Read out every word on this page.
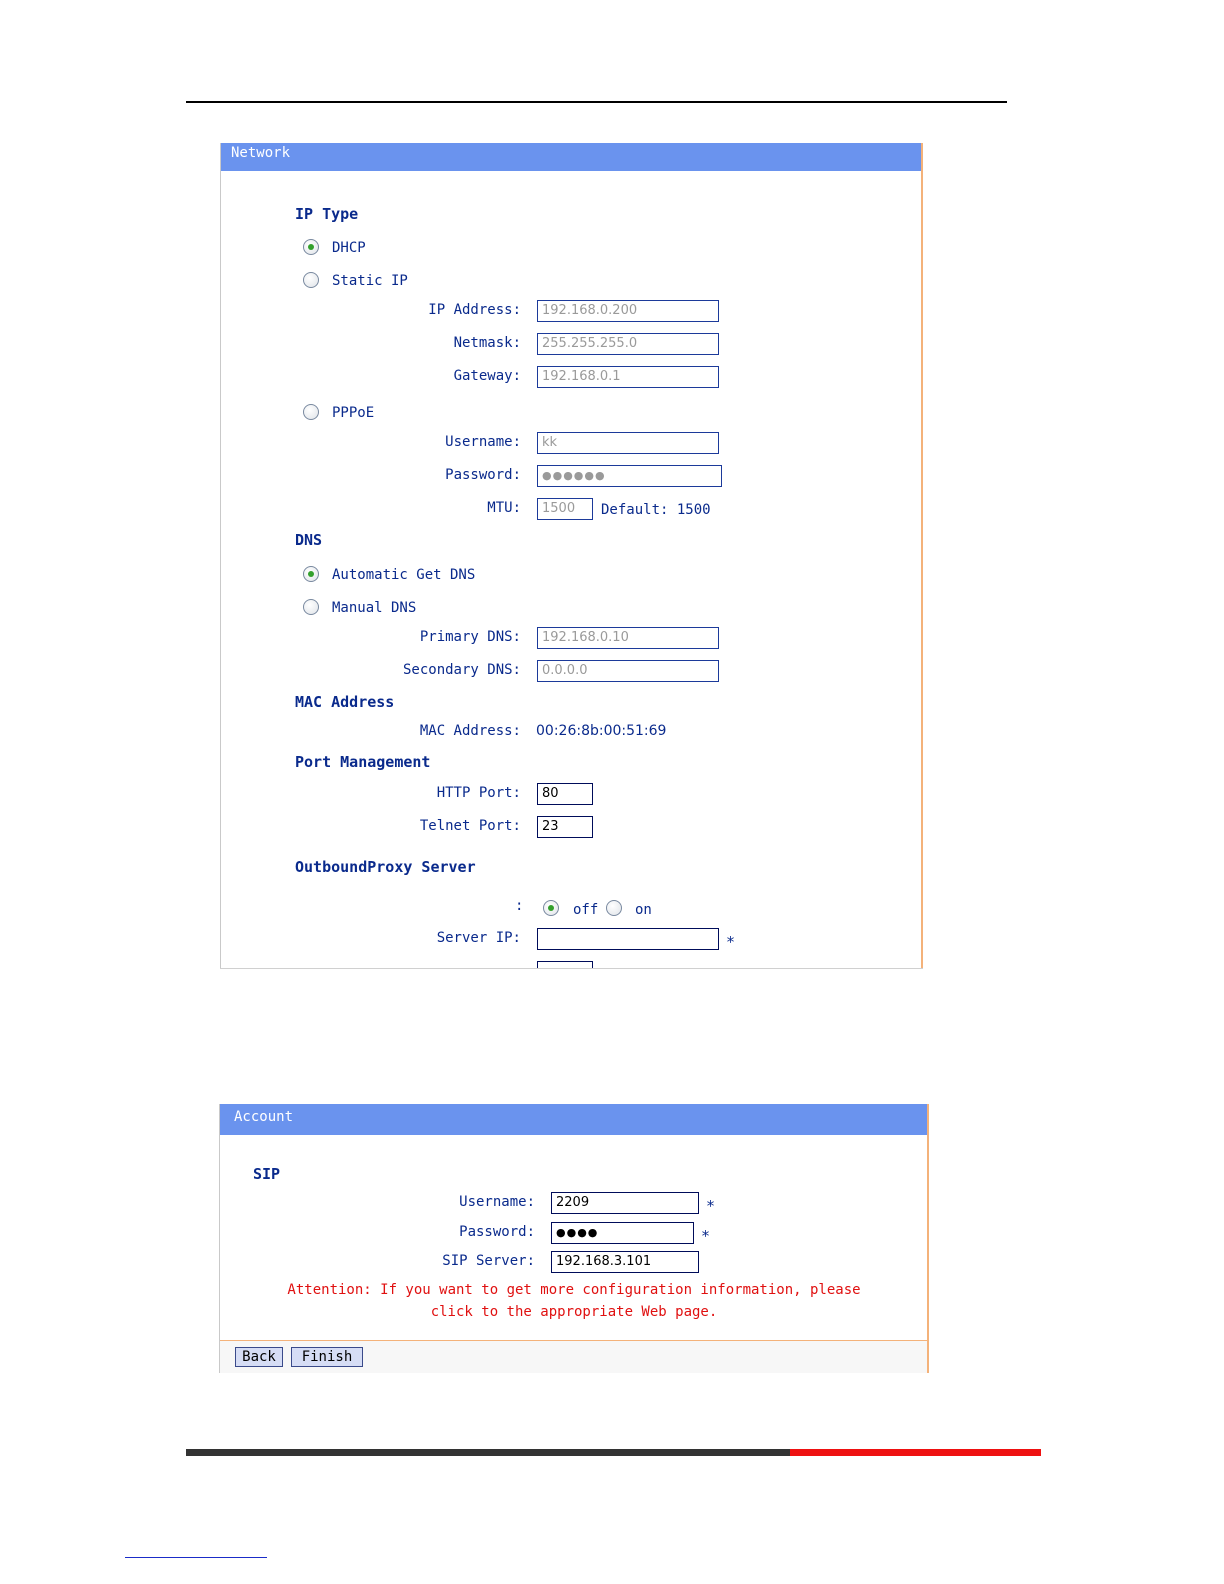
Network
IP Type
DHCP
Static IP
IP Address:	192.168.0.200
Netmask:	255.255.255.0
Gateway:	192.168.0.1
PPPoE
Username:	kk
Password:	●●●●●●
MTU:	1500	Default: 1500
DNS
Automatic Get DNS
Manual DNS
Primary DNS:	192.168.0.10
Secondary DNS:	0.0.0.0
MAC Address
MAC Address: 00:26:8b:00:51:69
Port Management
HTTP Port:	80
Telnet Port:	23
OutboundProxy Server
:	off	on
Server IP:	*
Account
SIP
Username:	2209	*
Password:	●●●●	*
SIP Server:	192.168.3.101
Attention: If you want to get more configuration information, please
click to the appropriate Web page.
Back	Finish
